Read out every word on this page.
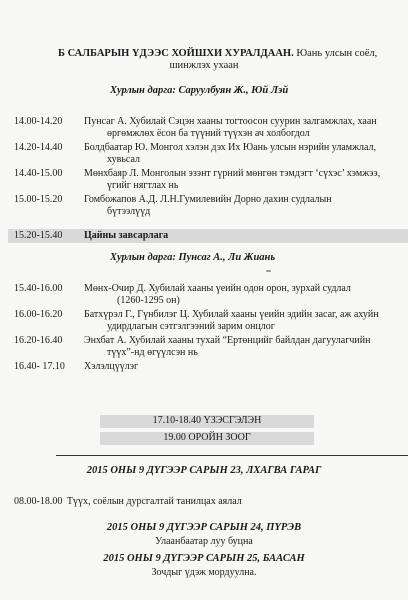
Б САЛБАРЫН ҮДЭЭС ХОЙШХИ ХУРАЛДААН. Юань улсын соёл,
шинжлэх ухаан
Хурлын дарга: Саруулбуян Ж., Юй Лэй
14.00-14.20	Пунсаг А. Хубилай Сэцэн хааны тогтоосон суурин залгамжлах, хаан
өргөмжлөх ёсон ба түүний түүхэн ач холбогдол
14.20-14.40	Болдбаатар Ю. Монгол хэлэн дэх Их Юань улсын нэрийн уламжлал,
хувьсал
14.40-15.00	Мөнхбаяр Л. Монголын эзэнт гүрний мөнгөн тэмдэгт ‘сүхэс’ хэмжээ,
үгийг нягтлах нь
15.00-15.20	Гомбожапов А.Д. Л.Н.Гумилевийн Дорно дахин судлалын
бүтээлүүд
15.20-15.40 Цайны завсарлага
Хурлын дарга: Пунсаг А., Ли Жиань
15.40-16.00	Мөнх-Очир Д. Хубилай хааны үеийн одон орон, зурхай судлал
(1260-1295 он)
16.00-16.20	Батхүрэл Г., Гүнбилэг Ц. Хубилай хааны үеийн эдийн засаг, аж ахуйн
удирдлагын сэтгэлгээний зарим онцлог
16.20-16.40	Энхбат А. Хубилай хааны тухай “Ертөнцийг байлдан дагуулагчийн
түүх”-нд өгүүлсэн нь
16.40- 17.10	Хэлэлцүүлэг
17.10-18.40 ҮЗЭСГЭЛЭН
19.00 ОРОЙН ЗООГ
2015 ОНЫ 9 ДҮГЭЭР САРЫН 23, ЛХАГВА ГАРАГ
08.00-18.00 Түүх, соёлын дурсгалтай танилцах аялал
2015 ОНЫ 9 ДҮГЭЭР САРЫН 24, ПҮРЭВ
Улаанбаатар луу буцна
2015 ОНЫ 9 ДҮГЭЭР САРЫН 25, БААСАН
Зочдыг үдэж мордуулна.
